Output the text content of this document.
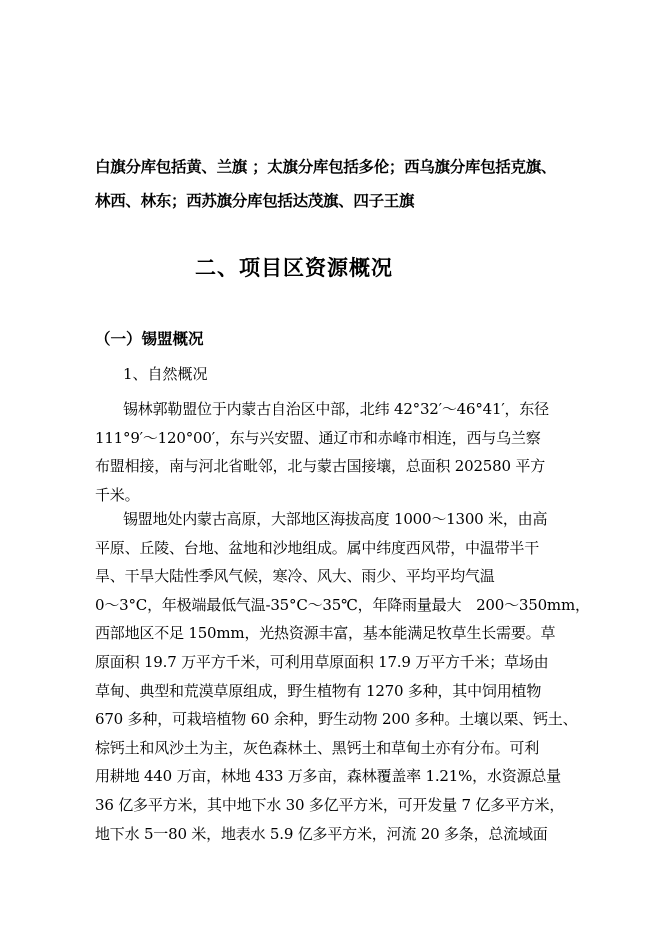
白旗分库包括黄、兰旗 ；太旗分库包括多伦；西乌旗分库包括克旗、
林西、林东；西苏旗分库包括达茂旗、四子王旗
二、项目区资源概况
（一）锡盟概况
1、自然概况
锡林郭勒盟位于内蒙古自治区中部，北纬 42°32′～46°41′，东径
111°9′～120°00′，东与兴安盟、通辽市和赤峰市相连，西与乌兰察
布盟相接，南与河北省毗邻，北与蒙古国接壤，总面积 202580 平方
千米。
锡盟地处内蒙古高原，大部地区海拔高度 1000～1300 米，由高
平原、丘陵、台地、盆地和沙地组成。属中纬度西风带，中温带半干
旱、干旱大陆性季风气候，寒冷、风大、雨少、平均平均气温
0～3°C，年极端最低气温-35°C～35℃，年降雨量最大　200～350mm，
西部地区不足 150mm，光热资源丰富，基本能满足牧草生长需要。草
原面积 19.7 万平方千米，可利用草原面积 17.9 万平方千米；草场由
草甸、典型和荒漠草原组成，野生植物有 1270 多种，其中饲用植物
670 多种，可栽培植物 60 余种，野生动物 200 多种。土壤以栗、钙土、
棕钙土和风沙土为主，灰色森林土、黑钙土和草甸土亦有分布。可利
用耕地 440 万亩，林地 433 万多亩，森林覆盖率 1.21%，水资源总量
36 亿多平方米，其中地下水 30 多亿平方米，可开发量 7 亿多平方米，
地下水 5一80 米，地表水 5.9 亿多平方米，河流 20 多条，总流域面
